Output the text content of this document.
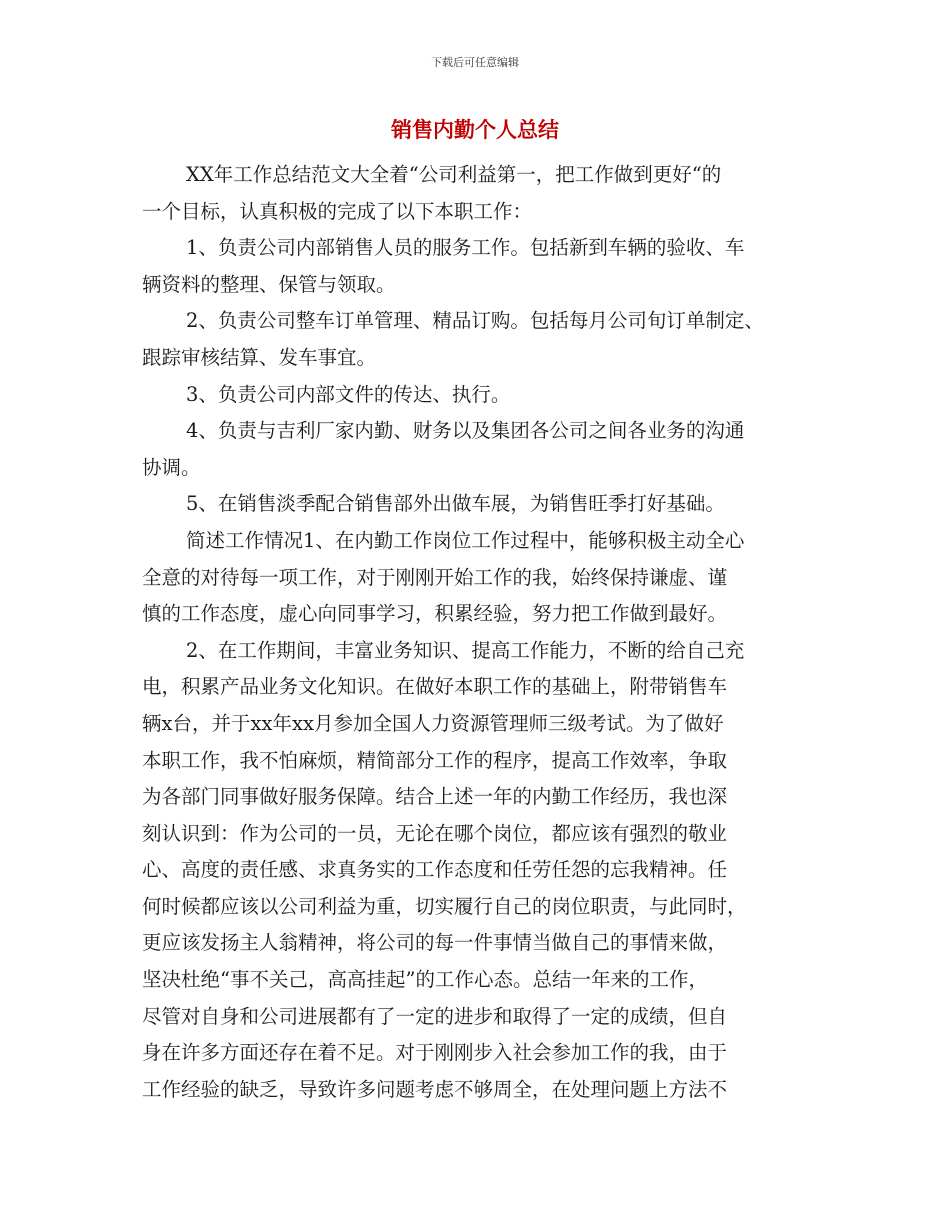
下载后可任意编辑
销售内勤个人总结
XX年工作总结范文大全着“公司利益第一，把工作做到更好“的
一个目标，认真积极的完成了以下本职工作：
1、负责公司内部销售人员的服务工作。包括新到车辆的验收、车
辆资料的整理、保管与领取。
2、负责公司整车订单管理、精品订购。包括每月公司旬订单制定、
跟踪审核结算、发车事宜。
3、负责公司内部文件的传达、执行。
4、负责与吉利厂家内勤、财务以及集团各公司之间各业务的沟通
协调。
5、在销售淡季配合销售部外出做车展，为销售旺季打好基础。
简述工作情况1、在内勤工作岗位工作过程中，能够积极主动全心
全意的对待每一项工作，对于刚刚开始工作的我，始终保持谦虚、谨
慎的工作态度，虚心向同事学习，积累经验，努力把工作做到最好。
2、在工作期间，丰富业务知识、提高工作能力，不断的给自己充
电，积累产品业务文化知识。在做好本职工作的基础上，附带销售车
辆x台，并于xx年xx月参加全国人力资源管理师三级考试。为了做好
本职工作，我不怕麻烦，精简部分工作的程序，提高工作效率，争取
为各部门同事做好服务保障。结合上述一年的内勤工作经历，我也深
刻认识到：作为公司的一员，无论在哪个岗位，都应该有强烈的敬业
心、高度的责任感、求真务实的工作态度和任劳任怨的忘我精神。任
何时候都应该以公司利益为重，切实履行自己的岗位职责，与此同时，
更应该发扬主人翁精神，将公司的每一件事情当做自己的事情来做，
坚决杜绝“事不关己，高高挂起”的工作心态。总结一年来的工作，
尽管对自身和公司进展都有了一定的进步和取得了一定的成绩，但自
身在许多方面还存在着不足。对于刚刚步入社会参加工作的我，由于
工作经验的缺乏，导致许多问题考虑不够周全，在处理问题上方法不
